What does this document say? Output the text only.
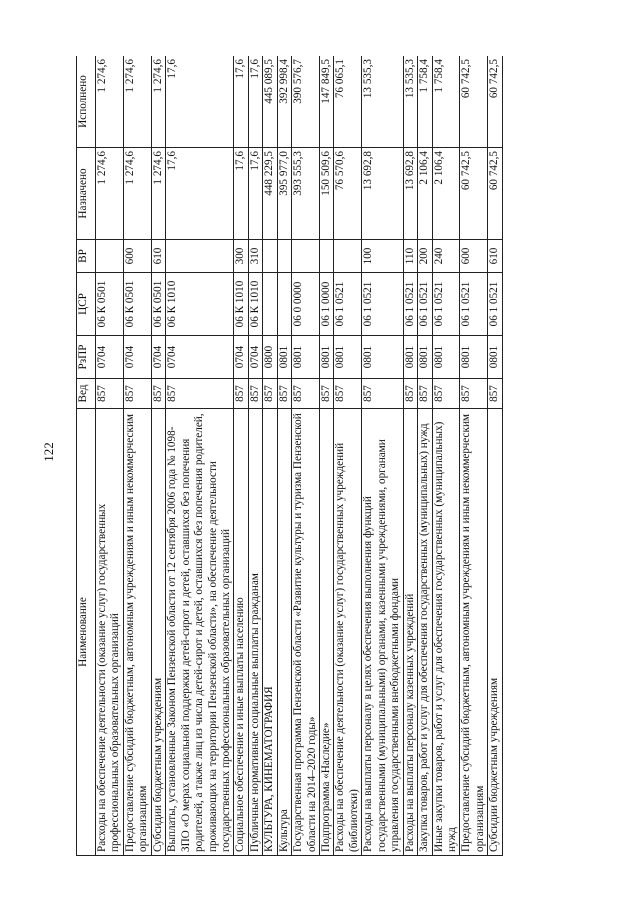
122
Наименование	Вед	РзПР	ЦСР	ВР	Назначено	Исполнено
Расходы на обеспечение деятельности (оказание услуг) государственных профессиональных образовательных организаций	857	0704	06 К 0501		1 274,6	1 274,6
Предоставление субсидий бюджетным, автономным учреждениям и иным некоммерческим организациям	857	0704	06 К 0501	600	1 274,6	1 274,6
Субсидии бюджетным учреждениям	857	0704	06 К 0501	610	1 274,6	1 274,6
Выплаты, установленные Законом Пензенской области от 12 сентября 2006 года № 1098-ЗПО «О мерах социальной поддержки детей-сирот и детей, оставшихся без попечения родителей, а также лиц из числа детей-сирот и детей, оставшихся без попечения родителей, проживающих на территории Пензенской области», на обеспечение деятельности государственных профессиональных образовательных организаций	857	0704	06 К 1010		17,6	17,6
Социальное обеспечение и иные выплаты населению	857	0704	06 К 1010	300	17,6	17,6
Публичные нормативные социальные выплаты гражданам	857	0704	06 К 1010	310	17,6	17,6
КУЛЬТУРА, КИНЕМАТОГРАФИЯ	857	0800			448 229,5	445 089,5
Культура	857	0801			395 977,0	392 998,4
Государственная программа Пензенской области «Развитие культуры и туризма Пензенской области на 2014–2020 годы»	857	0801	06 0 0000		393 555,3	390 576,7
Подпрограмма «Наследие»	857	0801	06 1 0000		150 509,6	147 849,5
Расходы на обеспечение деятельности (оказание услуг) государственных учреждений (библиотеки)	857	0801	06 1 0521		76 570,6	76 065,1
Расходы на выплаты персоналу в целях обеспечения выполнения функций государственными (муниципальными) органами, казенными учреждениями, органами управления государственными внебюджетными фондами	857	0801	06 1 0521	100	13 692,8	13 535,3
Расходы на выплаты персоналу казенных учреждений	857	0801	06 1 0521	110	13 692,8	13 535,3
Закупка товаров, работ и услуг для обеспечения государственных (муниципальных) нужд	857	0801	06 1 0521	200	2 106,4	1 758,4
Иные закупки товаров, работ и услуг для обеспечения государственных (муниципальных) нужд	857	0801	06 1 0521	240	2 106,4	1 758,4
Предоставление субсидий бюджетным, автономным учреждениям и иным некоммерческим организациям	857	0801	06 1 0521	600	60 742,5	60 742,5
Субсидии бюджетным учреждениям	857	0801	06 1 0521	610	60 742,5	60 742,5
